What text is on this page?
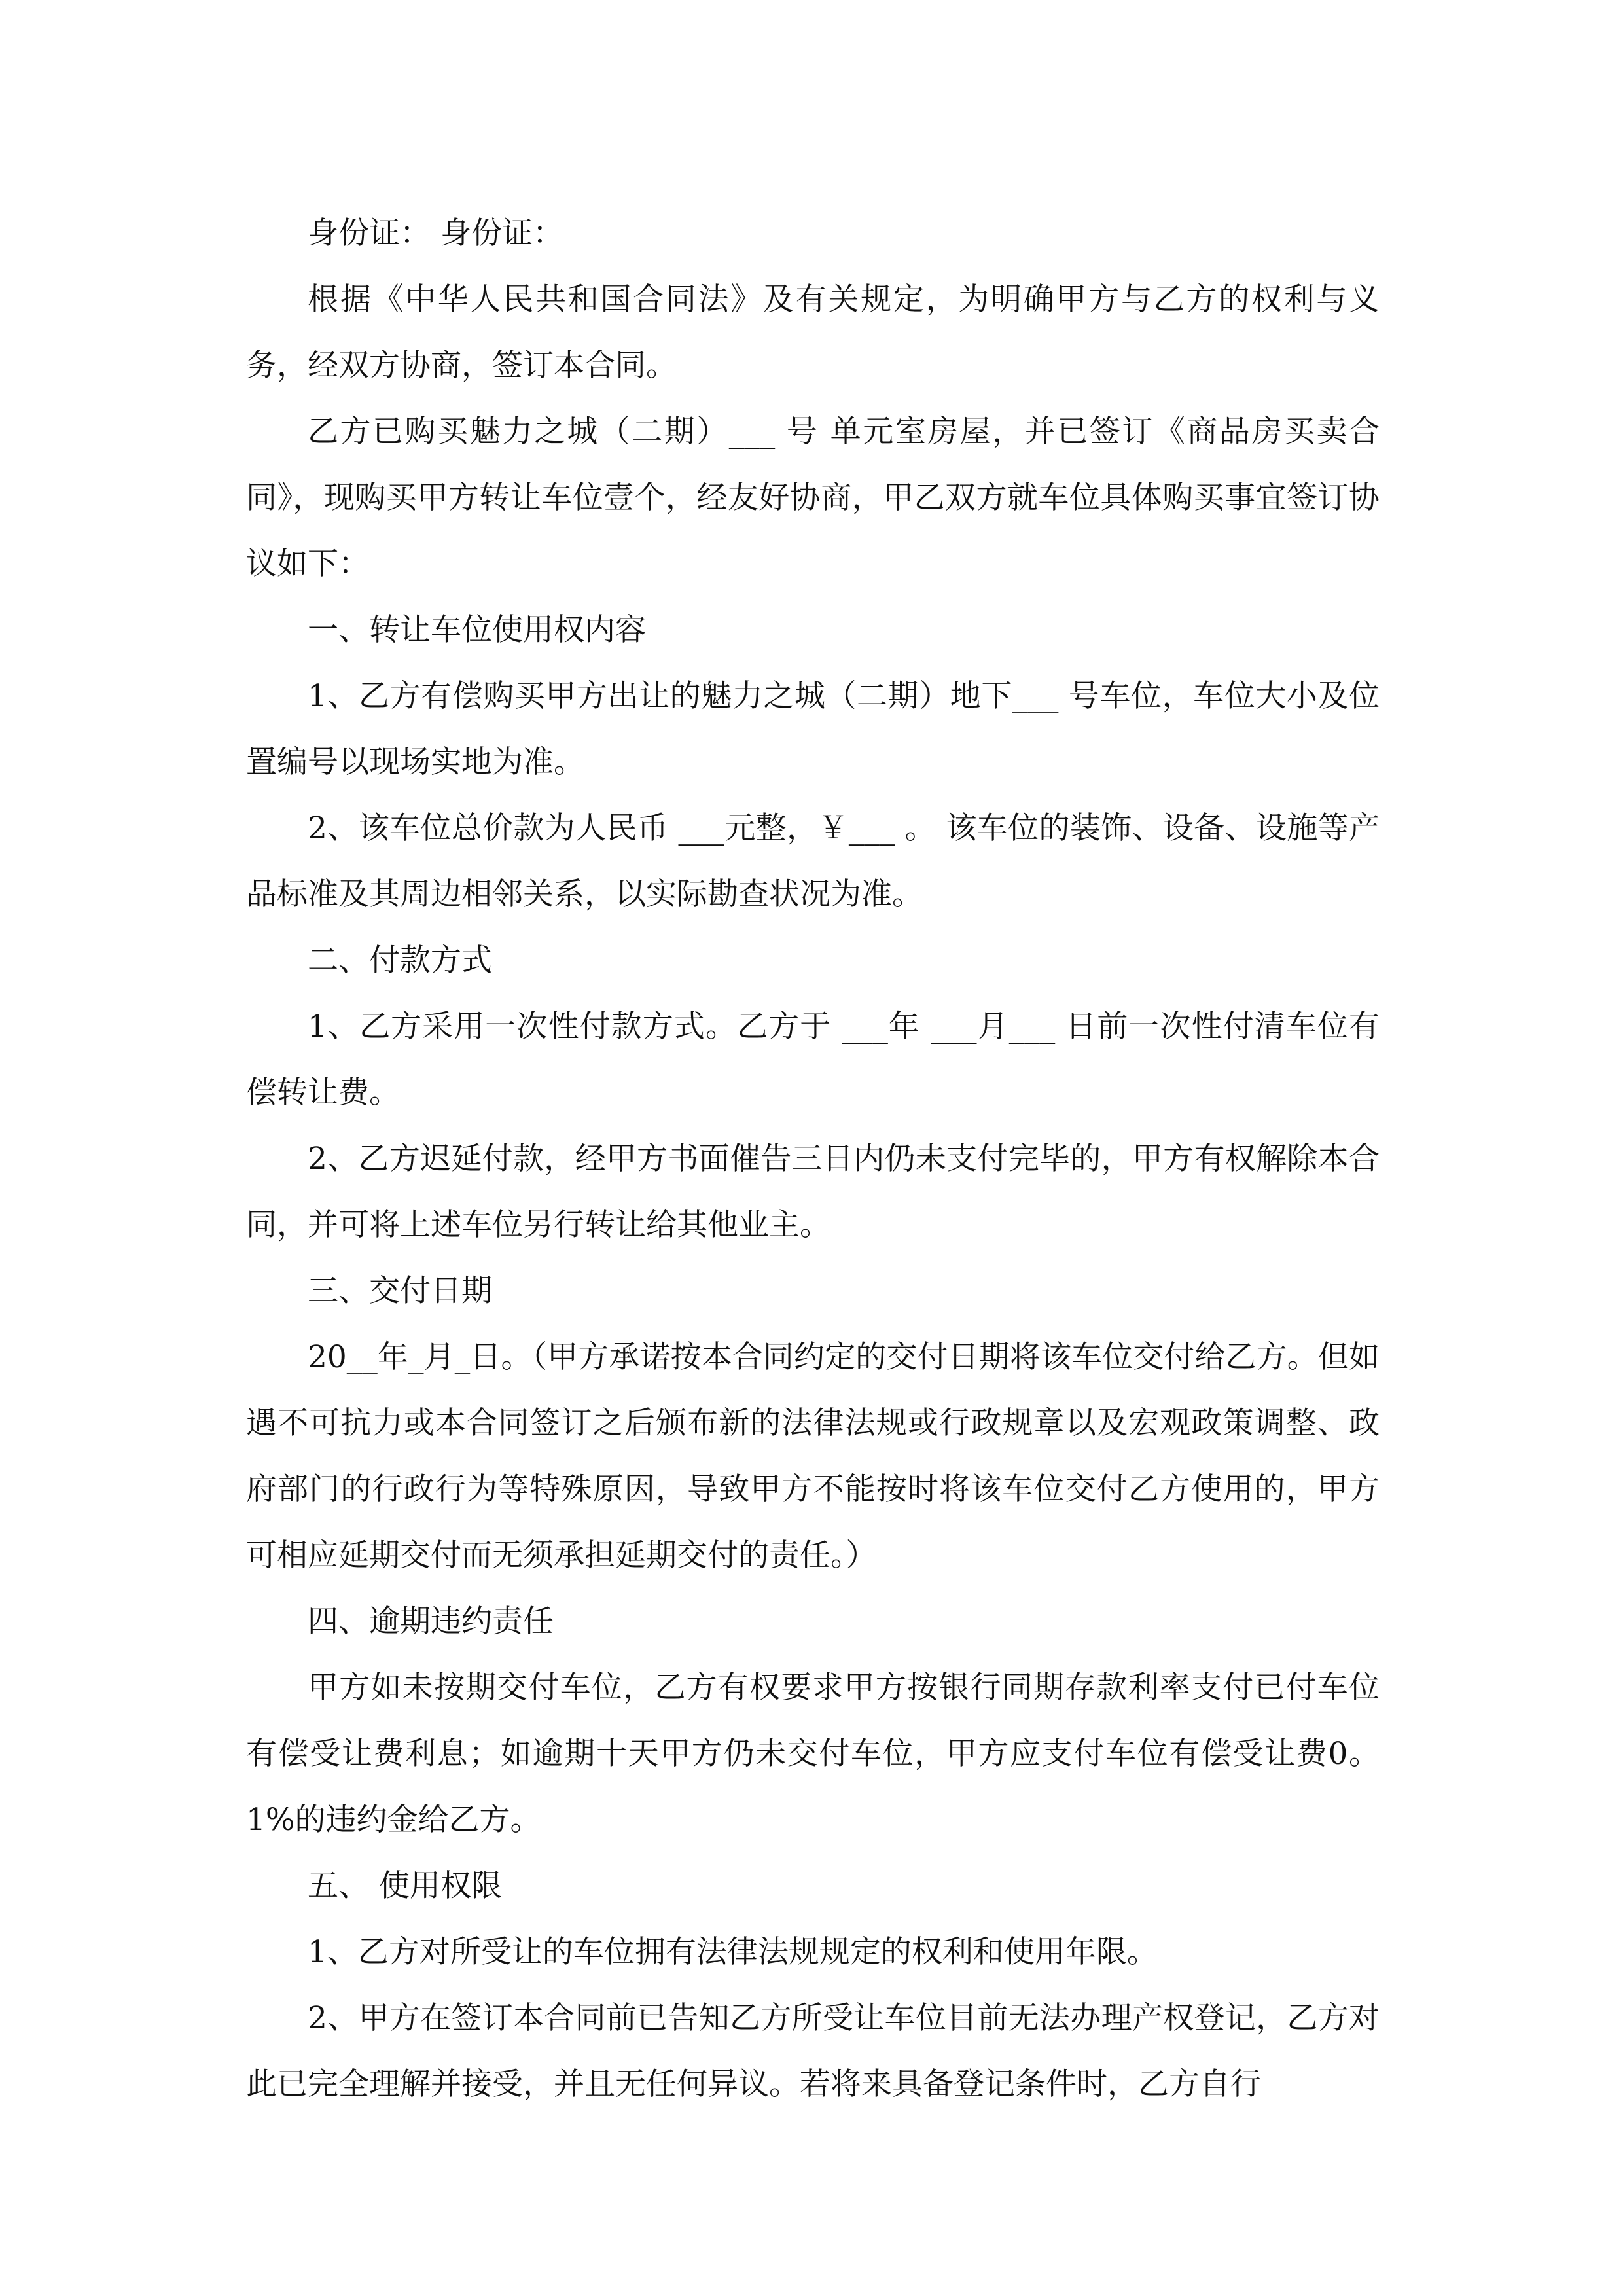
身份证： 身份证：

根据《中华人民共和国合同法》及有关规定，为明确甲方与乙方的权利与义务，经双方协商，签订本合同。

乙方已购买魅力之城（二期）___ 号 单元室房屋，并已签订《商品房买卖合同》，现购买甲方转让车位壹个，经友好协商，甲乙双方就车位具体购买事宜签订协议如下：

一、转让车位使用权内容

1、乙方有偿购买甲方出让的魅力之城（二期）地下___ 号车位，车位大小及位置编号以现场实地为准。

2、该车位总价款为人民币 ___元整，￥___ 。 该车位的装饰、设备、设施等产品标准及其周边相邻关系，以实际勘查状况为准。

二、付款方式

1、乙方采用一次性付款方式。乙方于 ___年 ___月___ 日前一次性付清车位有偿转让费。

2、乙方迟延付款，经甲方书面催告三日内仍未支付完毕的，甲方有权解除本合同，并可将上述车位另行转让给其他业主。

三、交付日期

20__年_月_日。（甲方承诺按本合同约定的交付日期将该车位交付给乙方。但如遇不可抗力或本合同签订之后颁布新的法律法规或行政规章以及宏观政策调整、政府部门的行政行为等特殊原因，导致甲方不能按时将该车位交付乙方使用的，甲方可相应延期交付而无须承担延期交付的责任。）

四、逾期违约责任

甲方如未按期交付车位，乙方有权要求甲方按银行同期存款利率支付已付车位有偿受让费利息；如逾期十天甲方仍未交付车位，甲方应支付车位有偿受让费0。1%的违约金给乙方。

五、 使用权限

1、乙方对所受让的车位拥有法律法规规定的权利和使用年限。

2、甲方在签订本合同前已告知乙方所受让车位目前无法办理产权登记，乙方对此已完全理解并接受，并且无任何异议。若将来具备登记条件时，乙方自行
